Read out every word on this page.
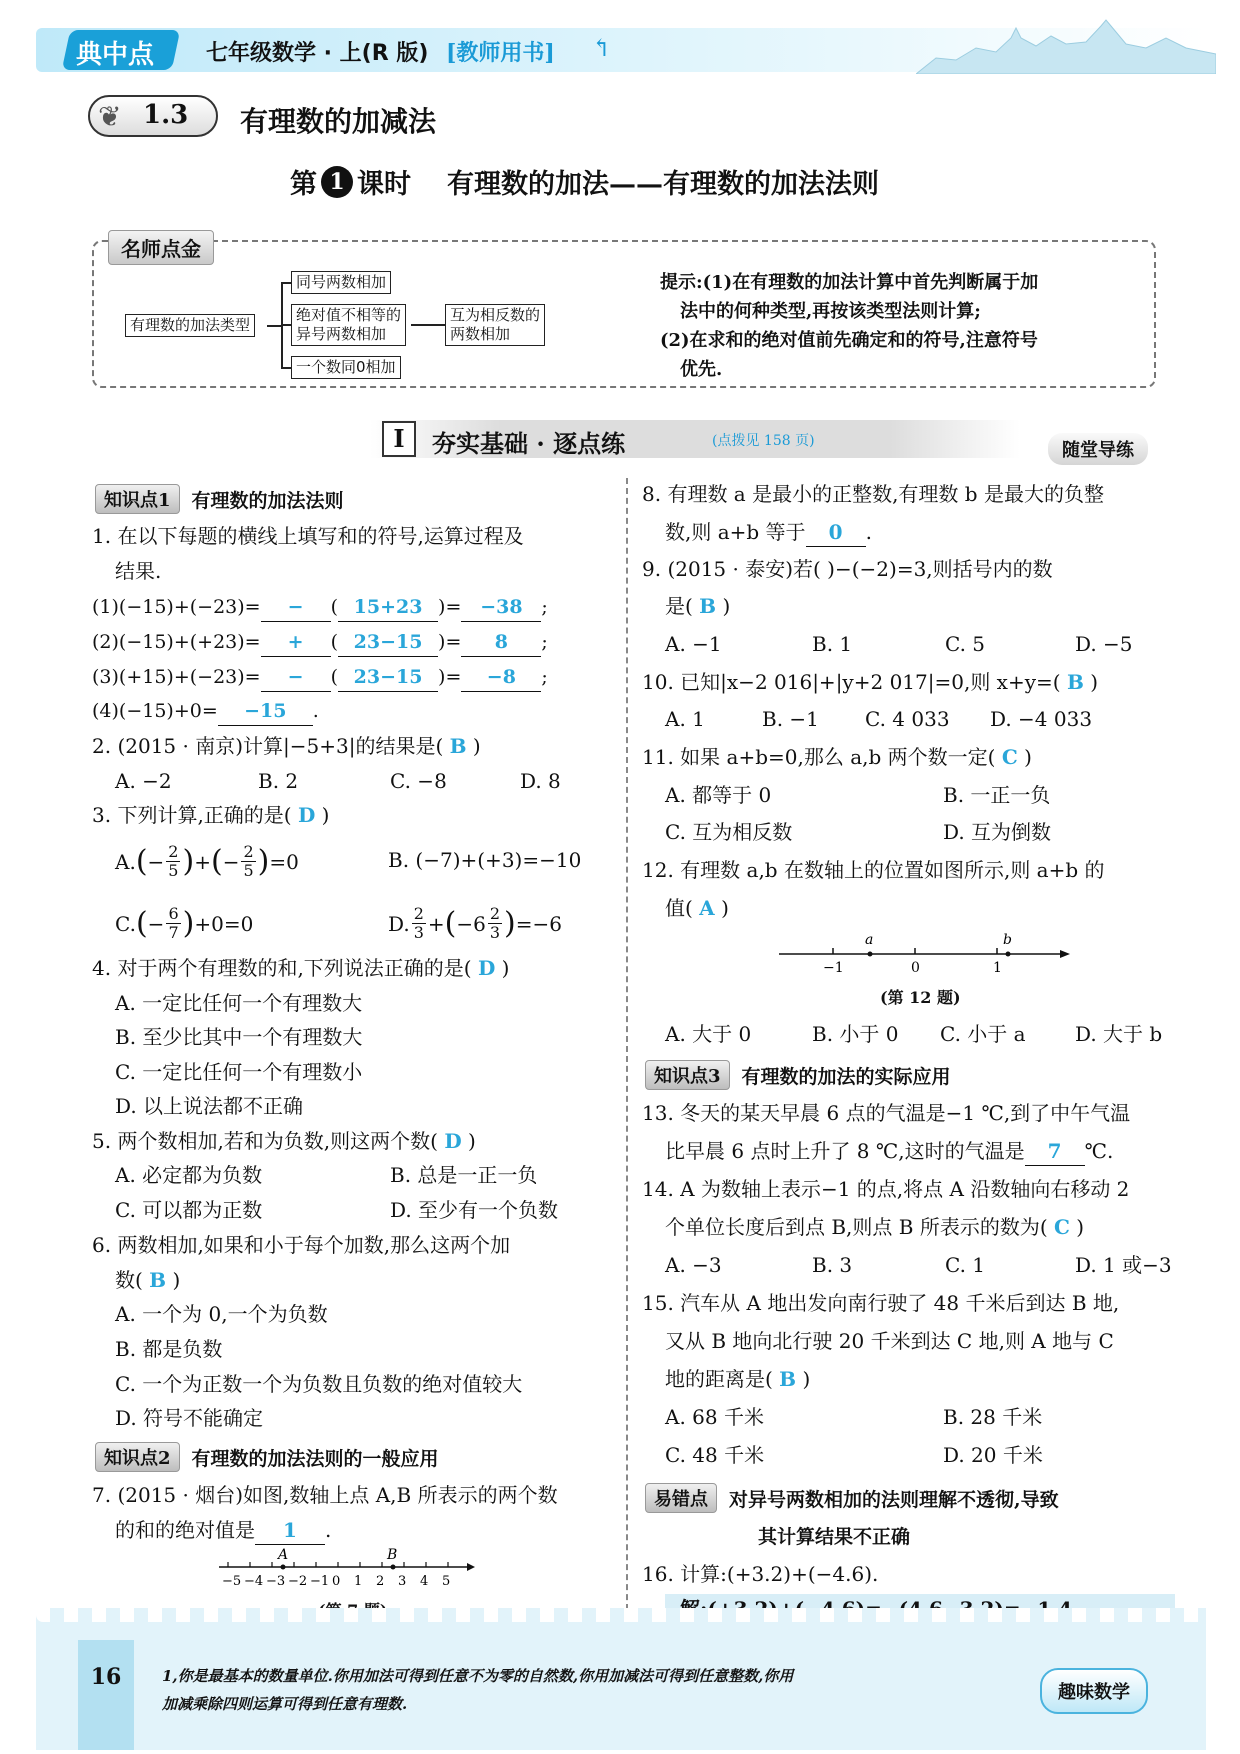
典中点 七年级数学 · 上(R 版) [教师用书] ↰
❦ 1.3 有理数的加减法
第 1 课时 有理数的加法——有理数的加法法则
名师点金
有理数的加法类型
同号两数相加
绝对值不相等的
异号两数相加
互为相反数的
两数相加
一个数同0相加
提示:(1)在有理数的加法计算中首先判断属于加
法中的何种类型,再按该类型法则计算;
(2)在求和的绝对值前先确定和的符号,注意符号
优先.
I	夯实基础 · 逐点练	(点拨见 158 页)	随堂导练
知识点1	有理数的加法法则
1. 在以下每题的横线上填写和的符号,运算过程及
结果.
(1)(−15)+(−23)= − ( 15+23 )= −38 ;
(2)(−15)+(+23)= + ( 23−15 )= 8 ;
(3)(+15)+(−23)= − ( 23−15 )= −8 ;
(4)(−15)+0= −15 .
2. (2015 · 南京)计算|−5+3|的结果是( B )
A. −2	B. 2	C. −8	D. 8
3. 下列计算,正确的是( D )
A. ( − $\frac{2}{5}$ ) + ( − $\frac{2}{5}$ ) =0	B. (−7)+(+3)=−10
C. ( − $\frac{6}{7}$ ) +0=0	D. $\frac{2}{3}$ + ( $-6 \frac{2}{3}$ ) =−6
4. 对于两个有理数的和,下列说法正确的是( D )
A. 一定比任何一个有理数大
B. 至少比其中一个有理数大
C. 一定比任何一个有理数小
D. 以上说法都不正确
5. 两个数相加,若和为负数,则这两个数( D )
A. 必定都为负数	B. 总是一正一负
C. 可以都为正数	D. 至少有一个负数
6. 两数相加,如果和小于每个加数,那么这两个加
数( B )
A. 一个为 0,一个为负数
B. 都是负数
C. 一个为正数一个为负数且负数的绝对值较大
D. 符号不能确定
知识点2	有理数的加法法则的一般应用
7. (2015 · 烟台)如图,数轴上点 A,B 所表示的两个数
的和的绝对值是 1 .
−5 −4 −3 −2 −1 0 1 2 3 4 5
A	B
8. 有理数 a 是最小的正整数,有理数 b 是最大的负整
数,则 a+b 等于 0 .
9. (2015 · 泰安)若( )−(−2)=3,则括号内的数
是( B )
A. −1	B. 1	C. 5	D. −5
10. 已知|x−2 016|+|y+2 017|=0,则 x+y=( B )
A. 1	B. −1 C. 4 033 D. −4 033
11. 如果 a+b=0,那么 a,b 两个数一定( C )
A. 都等于 0	B. 一正一负
C. 互为相反数	D. 互为倒数
12. 有理数 a,b 在数轴上的位置如图所示,则 a+b 的
值( A )
a	b
−1	0	1
(第 12 题)
A. 大于 0	B. 小于 0 C. 小于 a D. 大于 b
知识点3	有理数的加法的实际应用
13. 冬天的某天早晨 6 点的气温是−1 ℃,到了中午气温
比早晨 6 点时上升了 8 ℃,这时的气温是 7 ℃.
14. A 为数轴上表示−1 的点,将点 A 沿数轴向右移动 2
个单位长度后到点 B,则点 B 所表示的数为( C )
A. −3	B. 3	C. 1	D. 1 或−3
15. 汽车从 A 地出发向南行驶了 48 千米后到达 B 地,
又从 B 地向北行驶 20 千米到达 C 地,则 A 地与 C
地的距离是( B )
A. 68 千米	B. 28 千米
C. 48 千米	D. 20 千米
易错点	对异号两数相加的法则理解不透彻,导致
其计算结果不正确
16. 计算:(+3.2)+(−4.6).
16	1,你是最基本的数量单位.你用加法可得到任意不为零的自然数,你用加减法可得到任意整数,你用
加减乘除四则运算可得到任意有理数.
趣味数学
